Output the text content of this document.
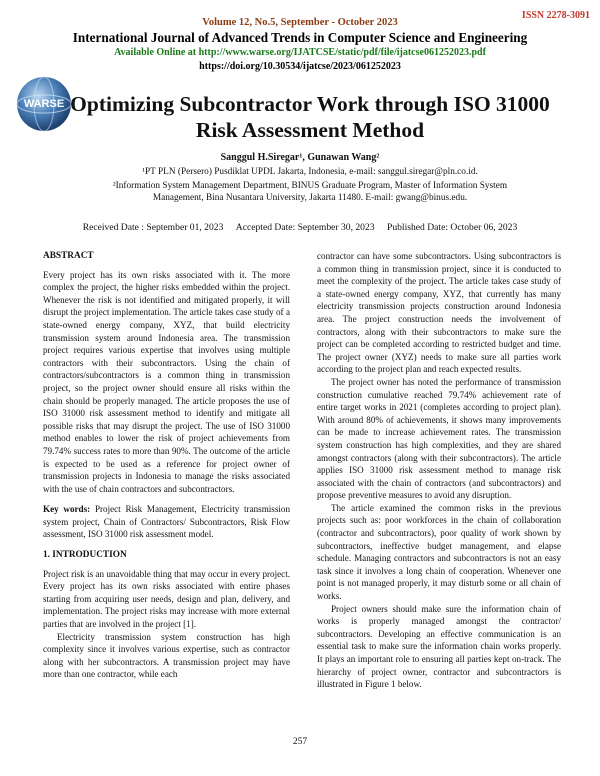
ISSN 2278-3091
Volume 12, No.5, September - October 2023
International Journal of Advanced Trends in Computer Science and Engineering
Available Online at http://www.warse.org/IJATCSE/static/pdf/file/ijatcse061252023.pdf
https://doi.org/10.30534/ijatcse/2023/061252023
WARSE Optimizing Subcontractor Work through ISO 31000 Risk Assessment Method
Sanggul H.Siregar¹, Gunawan Wang²
¹PT PLN (Persero) Pusdiklat UPDL Jakarta, Indonesia, e-mail: sanggul.siregar@pln.co.id.
²Information System Management Department, BINUS Graduate Program, Master of Information System Management, Bina Nusantara University, Jakarta 11480. E-mail: gwang@binus.edu.
Received Date : September 01, 2023 Accepted Date: September 30, 2023 Published Date: October 06, 2023

ABSTRACT

Every project has its own risks associated with it. The more complex the project, the higher risks embedded within the project. Whenever the risk is not identified and mitigated properly, it will disrupt the project implementation. The article takes case study of a state-owned energy company, XYZ, that build electricity transmission system around Indonesia area. The transmission project requires various expertise that involves using multiple contractors with their subcontractors. Using the chain of contractors/subcontractors is a common thing in transmission project, so the project owner should ensure all risks within the chain should be properly managed. The article proposes the use of ISO 31000 risk assessment method to identify and mitigate all possible risks that may disrupt the project. The use of ISO 31000 method enables to lower the risk of project achievements from 79.74% success rates to more than 90%. The outcome of the article is expected to be used as a reference for project owner of transmission projects in Indonesia to manage the risks associated with the use of chain contractors and subcontractors.

Key words: Project Risk Management, Electricity transmission system project, Chain of Contractors/ Subcontractors, Risk Flow assessment, ISO 31000 risk assessment model.

1. INTRODUCTION

Project risk is an unavoidable thing that may occur in every project. Every project has its own risks associated with entire phases starting from acquiring user needs, design and plan, delivery, and implementation. The project risks may increase with more external parties that are involved in the project [1].

Electricity transmission system construction has high complexity since it involves various expertise, such as contractor along with her subcontractors. A transmission project may have more than one contractor, while each

contractor can have some subcontractors. Using subcontractors is a common thing in transmission project, since it is conducted to meet the complexity of the project. The article takes case study of a state-owned energy company, XYZ, that currently has many electricity transmission projects construction around Indonesia area. The project construction needs the involvement of contractors, along with their subcontractors to make sure the project can be completed according to restricted budget and time. The project owner (XYZ) needs to make sure all parties work according to the project plan and reach expected results.

The project owner has noted the performance of transmission construction cumulative reached 79.74% achievement rate of entire target works in 2021 (completes according to project plan). With around 80% of achievements, it shows many improvements can be made to increase achievement rates. The transmission system construction has high complexities, and they are shared amongst contractors (along with their subcontractors). The article applies ISO 31000 risk assessment method to manage risk associated with the chain of contractors (and subcontractors) and propose preventive measures to avoid any disruption.

The article examined the common risks in the previous projects such as: poor workforces in the chain of collaboration (contractor and subcontractors), poor quality of work shown by subcontractors, ineffective budget management, and elapse schedule. Managing contractors and subcontractors is not an easy task since it involves a long chain of cooperation. Whenever one point is not managed properly, it may disturb some or all chain of works.

Project owners should make sure the information chain of works is properly managed amongst the contractor/ subcontractors. Developing an effective communication is an essential task to make sure the information chain works properly. It plays an important role to ensuring all parties kept on-track. The hierarchy of project owner, contractor and subcontractors is illustrated in Figure 1 below.

257
